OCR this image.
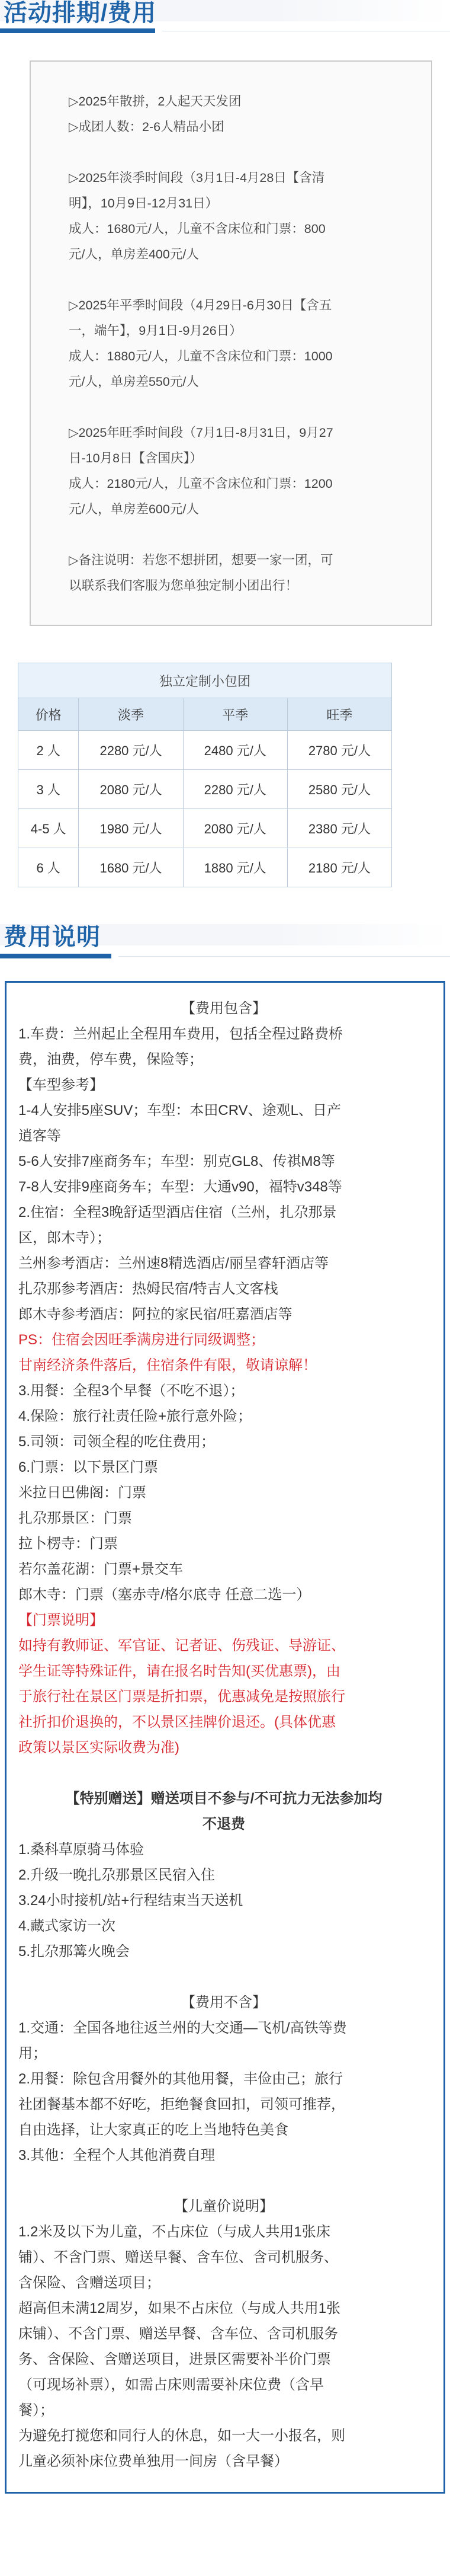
活动排期/费用
▷2025年散拼，2人起天天发团
▷成团人数：2-6人精品小团
▷2025年淡季时间段（3月1日-4月28日【含清
明】，10月9日-12月31日）
成人：1680元/人，儿童不含床位和门票：800
元/人，单房差400元/人
▷2025年平季时间段（4月29日-6月30日【含五
一，端午】，9月1日-9月26日）
成人：1880元/人，儿童不含床位和门票：1000
元/人，单房差550元/人
▷2025年旺季时间段（7月1日-8月31日，9月27
日-10月8日【含国庆】）
成人：2180元/人，儿童不含床位和门票：1200
元/人，单房差600元/人
▷备注说明：若您不想拼团，想要一家一团，可
以联系我们客服为您单独定制小团出行！
独立定制小包团			
价格	淡季	平季	旺季
2 人	2280 元/人	2480 元/人	2780 元/人
3 人	2080 元/人	2280 元/人	2580 元/人
4-5 人	1980 元/人	2080 元/人	2380 元/人
6 人	1680 元/人	1880 元/人	2180 元/人
费用说明
【费用包含】
1.车费：兰州起止全程用车费用，包括全程过路费桥
费，油费，停车费，保险等；
【车型参考】
1-4人安排5座SUV；车型：本田CRV、途观L、日产
逍客等
5-6人安排7座商务车；车型：别克GL8、传祺M8等
7-8人安排9座商务车；车型：大通v90，福特v348等
2.住宿：全程3晚舒适型酒店住宿（兰州，扎尕那景
区，郎木寺）；
兰州参考酒店：兰州速8精选酒店/丽呈睿轩酒店等
扎尕那参考酒店：热姆民宿/特吉人文客栈
郎木寺参考酒店：阿拉的家民宿/旺嘉酒店等
PS：住宿会因旺季满房进行同级调整；
甘南经济条件落后，住宿条件有限，敬请谅解！
3.用餐：全程3个早餐（不吃不退）；
4.保险：旅行社责任险+旅行意外险；
5.司领：司领全程的吃住费用；
6.门票：以下景区门票
米拉日巴佛阁：门票
扎尕那景区：门票
拉卜楞寺：门票
若尔盖花湖：门票+景交车
郎木寺：门票（塞赤寺/格尔底寺 任意二选一）
【门票说明】
如持有教师证、军官证、记者证、伤残证、导游证、
学生证等特殊证件，请在报名时告知(买优惠票)，由
于旅行社在景区门票是折扣票，优惠减免是按照旅行
社折扣价退换的，不以景区挂牌价退还。(具体优惠
政策以景区实际收费为准)
【特别赠送】赠送项目不参与/不可抗力无法参加均
不退费
1.桑科草原骑马体验
2.升级一晚扎尕那景区民宿入住
3.24小时接机/站+行程结束当天送机
4.藏式家访一次
5.扎尕那篝火晚会
【费用不含】
1.交通：全国各地往返兰州的大交通—飞机/高铁等费
用；
2.用餐：除包含用餐外的其他用餐，丰俭由己；旅行
社团餐基本都不好吃，拒绝餐食回扣，司领可推荐，
自由选择，让大家真正的吃上当地特色美食
3.其他：全程个人其他消费自理
【儿童价说明】
1.2米及以下为儿童，不占床位（与成人共用1张床
铺）、不含门票、赠送早餐、含车位、含司机服务、
含保险、含赠送项目；
超高但未满12周岁，如果不占床位（与成人共用1张
床铺）、不含门票、赠送早餐、含车位、含司机服务
务、含保险、含赠送项目，进景区需要补半价门票
（可现场补票），如需占床则需要补床位费（含早
餐）；
为避免打搅您和同行人的休息，如一大一小报名，则
儿童必须补床位费单独用一间房（含早餐）
